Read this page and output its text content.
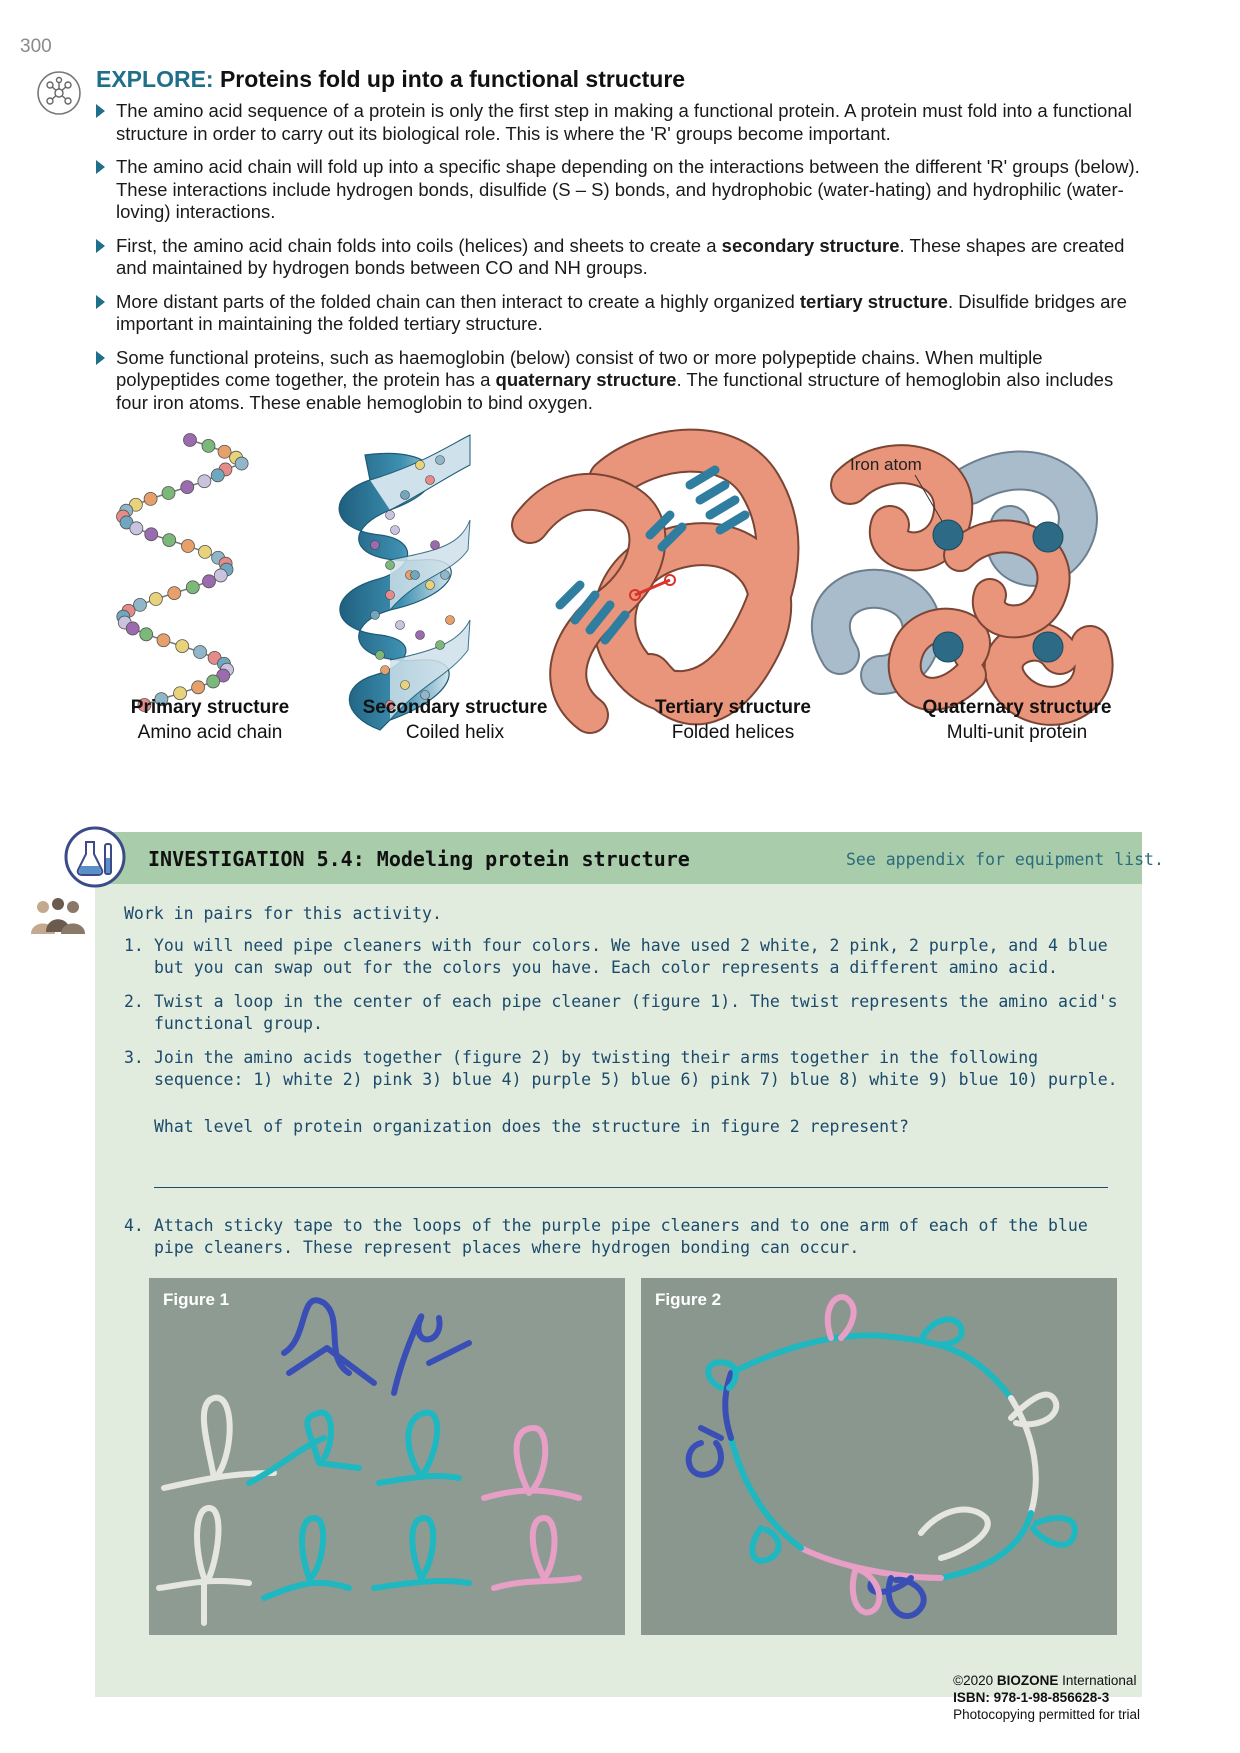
300
EXPLORE: Proteins fold up into a functional structure
The amino acid sequence of a protein is only the first step in making a functional protein. A protein must fold into a functional structure in order to carry out its biological role. This is where the 'R' groups become important.
The amino acid chain will fold up into a specific shape depending on the interactions between the different 'R' groups (below). These interactions include hydrogen bonds, disulfide (S – S) bonds, and hydrophobic (water-hating) and hydrophilic (water-loving) interactions.
First, the amino acid chain folds into coils (helices) and sheets to create a secondary structure. These shapes are created and maintained by hydrogen bonds between CO and NH groups.
More distant parts of the folded chain can then interact to create a highly organized tertiary structure. Disulfide bridges are important in maintaining the folded tertiary structure.
Some functional proteins, such as haemoglobin (below) consist of two or more polypeptide chains. When multiple polypeptides come together, the protein has a quaternary structure. The functional structure of hemoglobin also includes four iron atoms. These enable hemoglobin to bind oxygen.
Primary structure
Amino acid chain
Secondary structure
Coiled helix
Tertiary structure
Folded helices
Quaternary structure
Multi-unit protein
Iron atom
INVESTIGATION 5.4: Modeling protein structure	See appendix for equipment list.
Work in pairs for this activity.
1. You will need pipe cleaners with four colors. We have used 2 white, 2 pink, 2 purple, and 4 blue but you can swap out for the colors you have. Each color represents a different amino acid.
2. Twist a loop in the center of each pipe cleaner (figure 1). The twist represents the amino acid's functional group.
3. Join the amino acids together (figure 2) by twisting their arms together in the following sequence: 1) white 2) pink 3) blue 4) purple 5) blue 6) pink 7) blue 8) white 9) blue 10) purple.
What level of protein organization does the structure in figure 2 represent?
4. Attach sticky tape to the loops of the purple pipe cleaners and to one arm of each of the blue pipe cleaners. These represent places where hydrogen bonding can occur.
Figure 1	Figure 2
©2020 BIOZONE International
ISBN: 978-1-98-856628-3
Photocopying permitted for trial
